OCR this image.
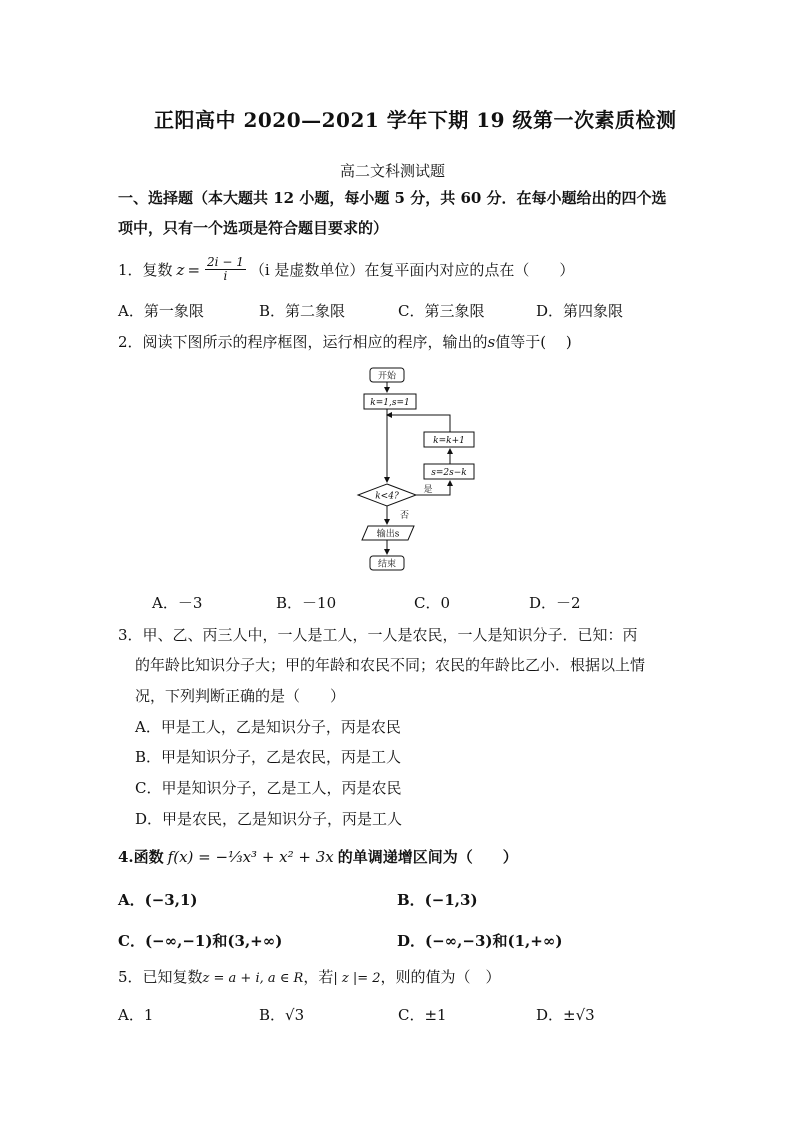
正阳高中 2020—2021 学年下期 19 级第一次素质检测
高二文科测试题
一、选择题（本大题共 12 小题，每小题 5 分，共 60 分．在每小题给出的四个选
项中，只有一个选项是符合题目要求的）
1．复数 $z = \frac{2i - 1}{i} (i$ 是虚数单位）在复平面内对应的点在（　　）
A．第一象限	B．第二象限	C．第三象限	D．第四象限
2．阅读下图所示的程序框图，运行相应的程序，输出的s值等于(　 )
开始
k=1,s=1
k=k+1
s=2s−k
k<4?
是
否
输出s
结束
A．－3	B．－10	C．0	D．－2
3．甲、乙、丙三人中，一人是工人，一人是农民，一人是知识分子．已知：丙
的年龄比知识分子大；甲的年龄和农民不同；农民的年龄比乙小．根据以上情
况，下列判断正确的是（　　）
A．甲是工人，乙是知识分子，丙是农民
B．甲是知识分子，乙是农民，丙是工人
C．甲是知识分子，乙是工人，丙是农民
D．甲是农民，乙是知识分子，丙是工人
4.函数 f(x) = −⅓x³ + x² + 3x 的单调递增区间为（　　）
A．(−3,1)	B．(−1,3)
C．(−∞,−1)和(3,+∞)	D．(−∞,−3)和(1,+∞)
5．已知复数z = a + i, a ∈ R，若| z |= 2，则的值为（　）
A．1	B．√3	C．±1	D．±√3
